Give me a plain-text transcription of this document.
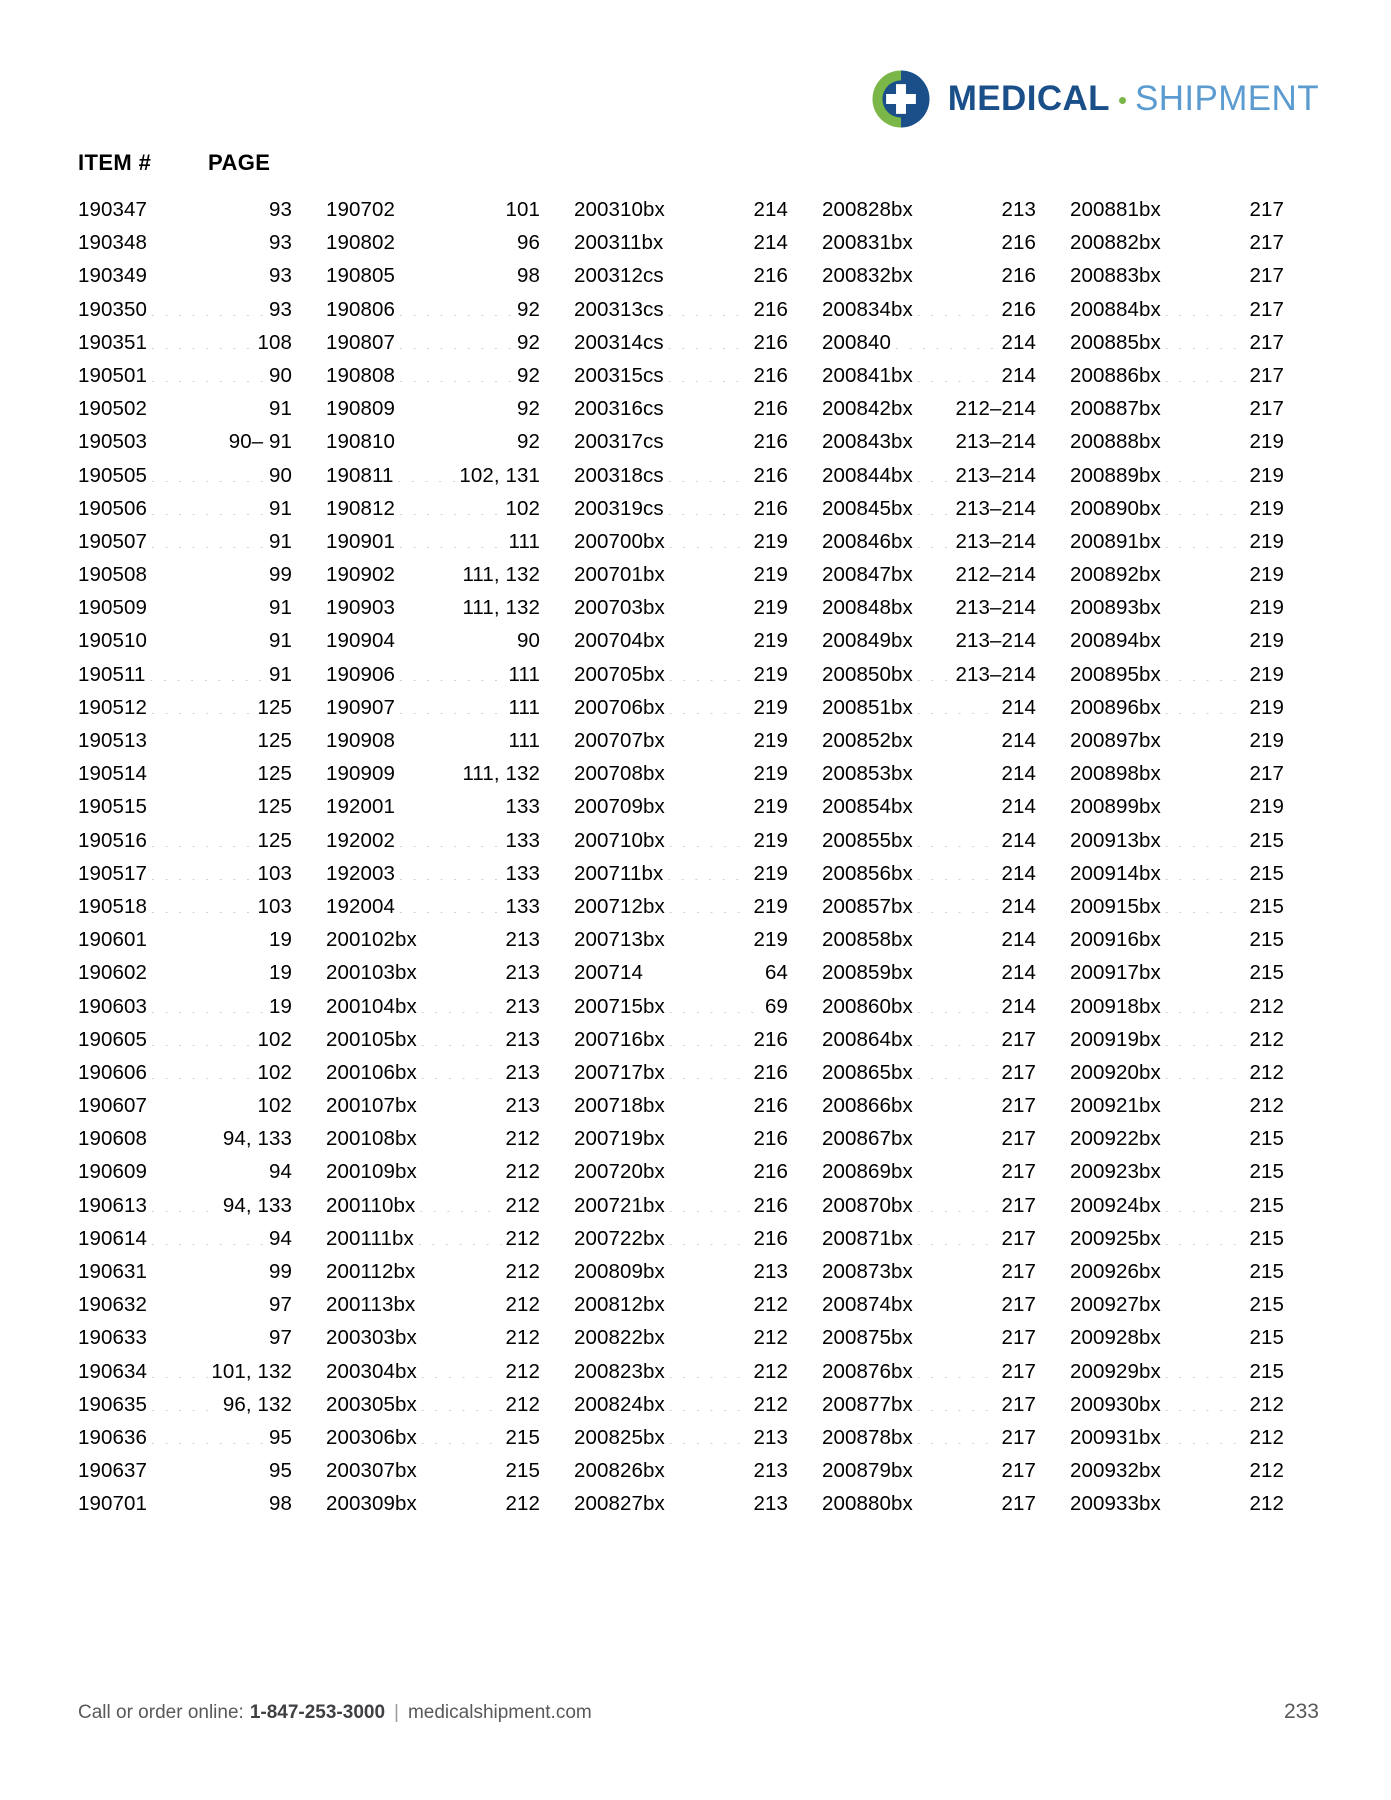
MEDICAL SHIPMENT
ITEM #	PAGE
190347 . . .	93
190348 . . .	93
190349 . . .	93
190350 . . .	93
190351 . . .	108
190501 . . .	90
190502 . . .	91
190503 . . .	90– 91
190505 . . .	90
190506 . . .	91
190507 . . .	91
190508 . . .	99
190509 . . .	91
190510 . . .	91
190511 . . .	91
190512 . . .	125
190513 . . .	125
190514 . . .	125
190515 . . .	125
190516 . . .	125
190517 . . .	103
190518 . . .	103
190601 . . .	19
190602 . . .	19
190603 . . .	19
190605 . . .	102
190606 . . .	102
190607 . . .	102
190608 . . .	94, 133
190609 . . .	94
190613 . . .	94, 133
190614 . . .	94
190631 . . .	99
190632 . . .	97
190633 . . .	97
190634 . . .	101, 132
190635 . . .	96, 132
190636 . . .	95
190637 . . .	95
190701 . . .	98
190702 . . .	101
190802 . . .	96
190805 . . .	98
190806 . . .	92
190807 . . .	92
190808 . . .	92
190809 . . .	92
190810 . . .	92
190811 . . .	102, 131
190812 . . .	102
190901 . . .	111
190902 . . .	111, 132
190903 . . .	111, 132
190904 . . .	90
190906 . . .	111
190907 . . .	111
190908 . . .	111
190909 . . .	111, 132
192001 . . .	133
192002 . . .	133
192003 . . .	133
192004 . . .	133
200102bx . . .	213
200103bx . . .	213
200104bx . . .	213
200105bx . . .	213
200106bx . . .	213
200107bx . . .	213
200108bx . . .	212
200109bx . . .	212
200110bx . . .	212
200111bx . . .	212
200112bx . . .	212
200113bx . . .	212
200303bx . . .	212
200304bx . . .	212
200305bx . . .	212
200306bx . . .	215
200307bx . . .	215
200309bx . . .	212
200310bx . . .	214
200311bx . . .	214
200312cs . . .	216
200313cs . . .	216
200314cs . . .	216
200315cs . . .	216
200316cs . . .	216
200317cs . . .	216
200318cs . . .	216
200319cs . . .	216
200700bx . . .	219
200701bx . . .	219
200703bx . . .	219
200704bx . . .	219
200705bx . . .	219
200706bx . . .	219
200707bx . . .	219
200708bx . . .	219
200709bx . . .	219
200710bx . . .	219
200711bx . . .	219
200712bx . . .	219
200713bx . . .	219
200714 . . .	64
200715bx . . .	69
200716bx . . .	216
200717bx . . .	216
200718bx . . .	216
200719bx . . .	216
200720bx . . .	216
200721bx . . .	216
200722bx . . .	216
200809bx . . .	213
200812bx . . .	212
200822bx . . .	212
200823bx . . .	212
200824bx . . .	212
200825bx . . .	213
200826bx . . .	213
200827bx . . .	213
200828bx . . .	213
200831bx . . .	216
200832bx . . .	216
200834bx . . .	216
200840 . . .	214
200841bx . . .	214
200842bx . . . 212–214
200843bx . . . 213–214
200844bx . . . 213–214
200845bx . . . 213–214
200846bx . . . 213–214
200847bx . . . 212–214
200848bx . . . 213–214
200849bx . . . 213–214
200850bx . . . 213–214
200851bx . . .	214
200852bx . . .	214
200853bx . . .	214
200854bx . . .	214
200855bx . . .	214
200856bx . . .	214
200857bx . . .	214
200858bx . . .	214
200859bx . . .	214
200860bx . . .	214
200864bx . . .	217
200865bx . . .	217
200866bx . . .	217
200867bx . . .	217
200869bx . . .	217
200870bx . . .	217
200871bx . . .	217
200873bx . . .	217
200874bx . . .	217
200875bx . . .	217
200876bx . . .	217
200877bx . . .	217
200878bx . . .	217
200879bx . . .	217
200880bx . . .	217
200881bx . . .	217
200882bx . . .	217
200883bx . . .	217
200884bx . . .	217
200885bx . . .	217
200886bx . . .	217
200887bx . . .	217
200888bx . . .	219
200889bx . . .	219
200890bx . . .	219
200891bx . . .	219
200892bx . . .	219
200893bx . . .	219
200894bx . . .	219
200895bx . . .	219
200896bx . . .	219
200897bx . . .	219
200898bx . . .	217
200899bx . . .	219
200913bx . . .	215
200914bx . . .	215
200915bx . . .	215
200916bx . . .	215
200917bx . . .	215
200918bx . . .	212
200919bx . . .	212
200920bx . . .	212
200921bx . . .	212
200922bx . . .	215
200923bx . . .	215
200924bx . . .	215
200925bx . . .	215
200926bx . . .	215
200927bx . . .	215
200928bx . . .	215
200929bx . . .	215
200930bx . . .	212
200931bx . . .	212
200932bx . . .	212
200933bx . . .	212
Call or order online: 1-847-253-3000 | medicalshipment.com	233
